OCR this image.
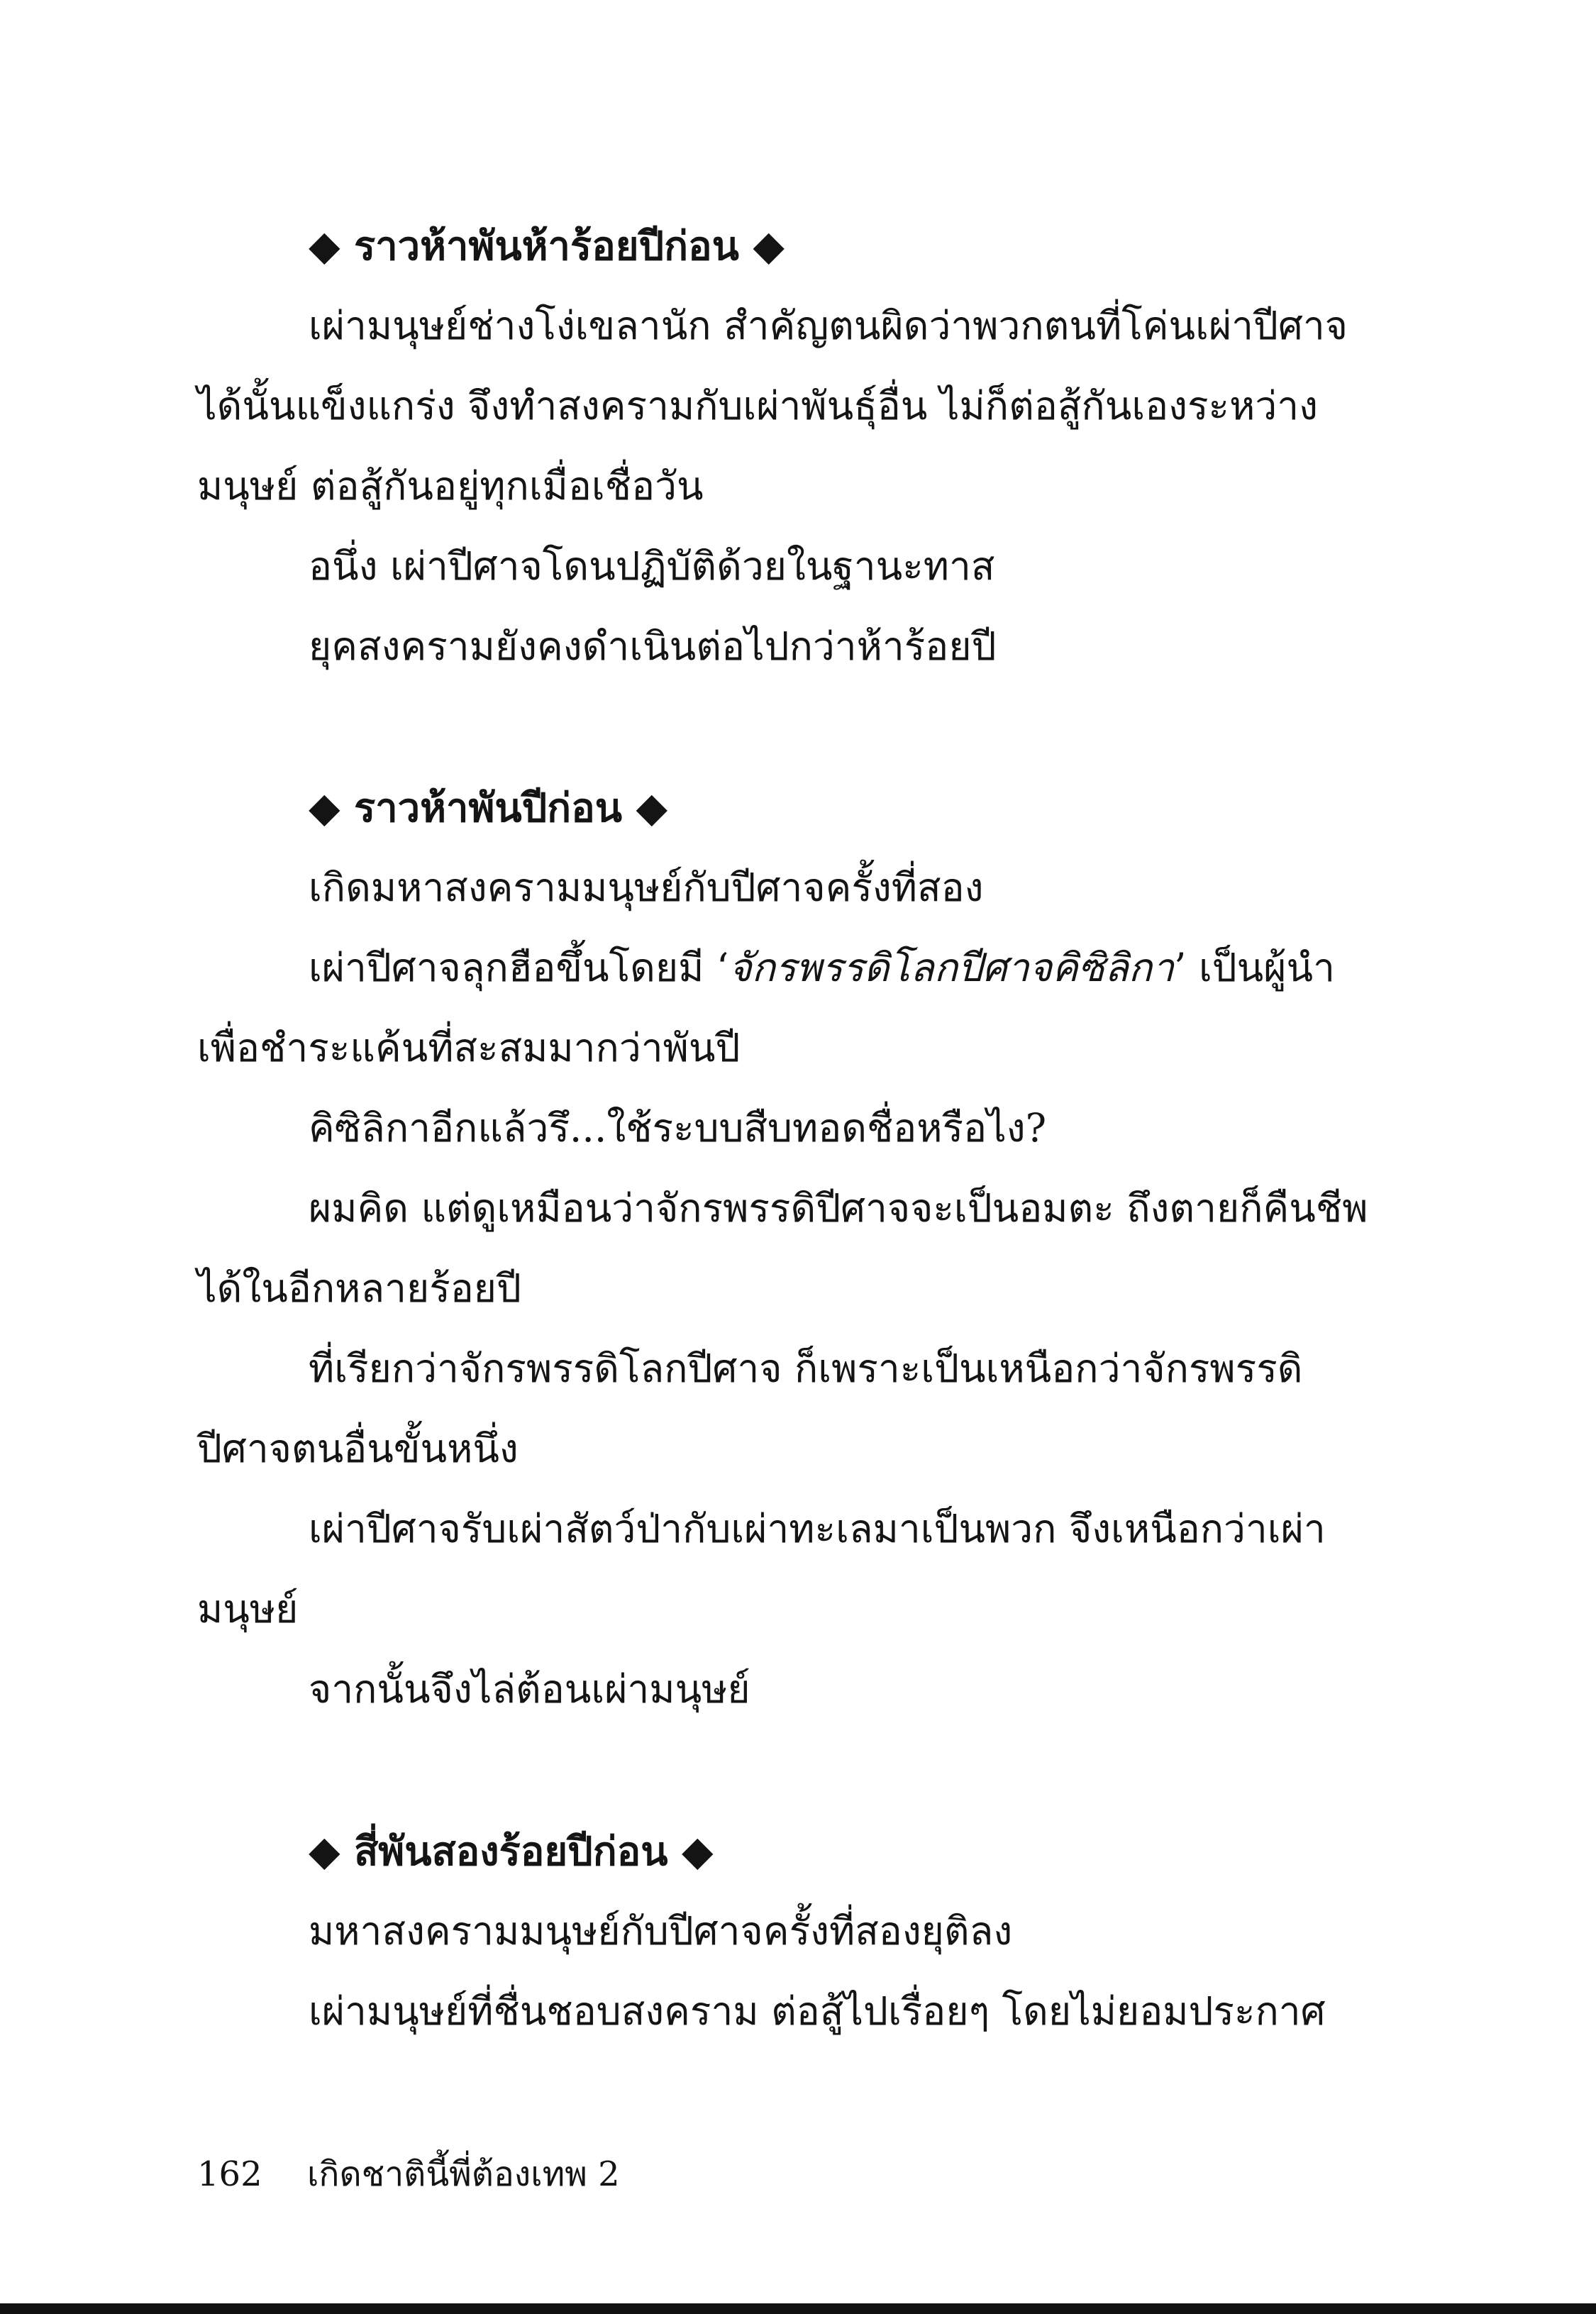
◆ ราวห้าพันห้าร้อยปีก่อน ◆
เผ่ามนุษย์ช่างโง่เขลานัก สำคัญตนผิดว่าพวกตนที่โค่นเผ่าปีศาจ
ได้นั้นแข็งแกร่ง จึงทำสงครามกับเผ่าพันธุ์อื่น ไม่ก็ต่อสู้กันเองระหว่าง
มนุษย์ ต่อสู้กันอยู่ทุกเมื่อเชื่อวัน
อนึ่ง เผ่าปีศาจโดนปฏิบัติด้วยในฐานะทาส
ยุคสงครามยังคงดำเนินต่อไปกว่าห้าร้อยปี
◆ ราวห้าพันปีก่อน ◆
เกิดมหาสงครามมนุษย์กับปีศาจครั้งที่สอง
เผ่าปีศาจลุกฮือขึ้นโดยมี ‘จักรพรรดิโลกปีศาจคิซิลิกา’ เป็นผู้นำ
เพื่อชำระแค้นที่สะสมมากว่าพันปี
คิซิลิกาอีกแล้วรึ...ใช้ระบบสืบทอดชื่อหรือไง?
ผมคิด แต่ดูเหมือนว่าจักรพรรดิปีศาจจะเป็นอมตะ ถึงตายก็คืนชีพ
ได้ในอีกหลายร้อยปี
ที่เรียกว่าจักรพรรดิโลกปีศาจ ก็เพราะเป็นเหนือกว่าจักรพรรดิ
ปีศาจตนอื่นขั้นหนึ่ง
เผ่าปีศาจรับเผ่าสัตว์ป่ากับเผ่าทะเลมาเป็นพวก จึงเหนือกว่าเผ่า
มนุษย์
จากนั้นจึงไล่ต้อนเผ่ามนุษย์
◆ สี่พันสองร้อยปีก่อน ◆
มหาสงครามมนุษย์กับปีศาจครั้งที่สองยุติลง
เผ่ามนุษย์ที่ชื่นชอบสงคราม ต่อสู้ไปเรื่อยๆ โดยไม่ยอมประกาศ
162 เกิดชาตินี้พี่ต้องเทพ 2
